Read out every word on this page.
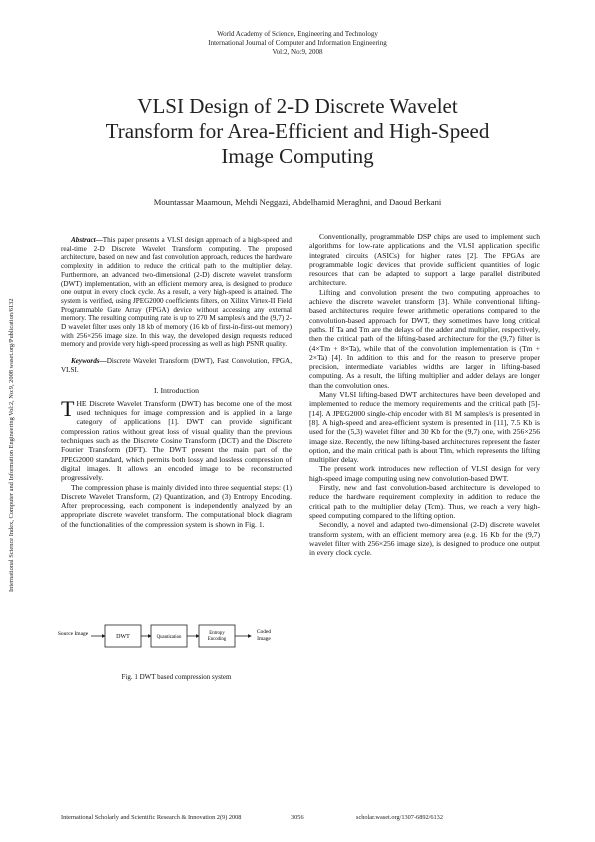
World Academy of Science, Engineering and Technology
International Journal of Computer and Information Engineering
Vol:2, No:9, 2008
VLSI Design of 2-D Discrete Wavelet
Transform for Area-Efficient and High-Speed
Image Computing
Mountassar Maamoun, Mehdi Neggazi, Abdelhamid Meraghni, and Daoud Berkani
International Science Index, Computer and Information Engineering Vol:2, No:9, 2008 waset.org/Publication/6132

Abstract—This paper presents a VLSI design approach of a high-speed and real-time 2-D Discrete Wavelet Transform computing. The proposed architecture, based on new and fast convolution approach, reduces the hardware complexity in addition to reduce the critical path to the multiplier delay. Furthermore, an advanced two-dimensional (2-D) discrete wavelet transform (DWT) implementation, with an efficient memory area, is designed to produce one output in every clock cycle. As a result, a very high-speed is attained. The system is verified, using JPEG2000 coefficients filters, on Xilinx Virtex-II Field Programmable Gate Array (FPGA) device without accessing any external memory. The resulting computing rate is up to 270 M samples/s and the (9,7) 2-D wavelet filter uses only 18 kb of memory (16 kb of first-in-first-out memory) with 256×256 image size. In this way, the developed design requests reduced memory and provide very high-speed processing as well as high PSNR quality.

Keywords—Discrete Wavelet Transform (DWT), Fast Convolution, FPGA, VLSI.

I. Introduction

THE Discrete Wavelet Transform (DWT) has become one of the most used techniques for image compression and is applied in a large category of applications [1]. DWT can provide significant compression ratios without great loss of visual quality than the previous techniques such as the Discrete Cosine Transform (DCT) and the Discrete Fourier Transform (DFT). The DWT present the main part of the JPEG2000 standard, which permits both lossy and lossless compression of digital images. It allows an encoded image to be reconstructed progressively.

The compression phase is mainly divided into three sequential steps: (1) Discrete Wavelet Transform, (2) Quantization, and (3) Entropy Encoding. After preprocessing, each component is independently analyzed by an appropriate discrete wavelet transform. The computational block diagram of the functionalities of the compression system is shown in Fig. 1.

Source Image	DWT	Quantization
Entropy Encoding
Coded Image
Fig. 1 DWT based compression system

Conventionally, programmable DSP chips are used to implement such algorithms for low-rate applications and the VLSI application specific integrated circuits (ASICs) for higher rates [2]. The FPGAs are programmable logic devices that provide sufficient quantities of logic resources that can be adapted to support a large parallel distributed architecture.

Lifting and convolution present the two computing approaches to achieve the discrete wavelet transform [3]. While conventional lifting-based architectures require fewer arithmetic operations compared to the convolution-based approach for DWT, they sometimes have long critical paths. If Ta and Tm are the delays of the adder and multiplier, respectively, then the critical path of the lifting-based architecture for the (9,7) filter is (4×Tm + 8×Ta), while that of the convolution implementation is (Tm + 2×Ta) [4]. In addition to this and for the reason to preserve proper precision, intermediate variables widths are larger in lifting-based computing. As a result, the lifting multiplier and adder delays are longer than the convolution ones.

Many VLSI lifting-based DWT architectures have been developed and implemented to reduce the memory requirements and the critical path [5]-[14]. A JPEG2000 single-chip encoder with 81 M samples/s is presented in [8]. A high-speed and area-efficient system is presented in [11], 7.5 Kb is used for the (5,3) wavelet filter and 30 Kb for the (9,7) one, with 256×256 image size. Recently, the new lifting-based architectures represent the faster option, and the main critical path is about Tlm, which represents the lifting multiplier delay.

The present work introduces new reflection of VLSI design for very high-speed image computing using new convolution-based DWT.

Firstly, new and fast convolution-based architecture is developed to reduce the hardware requirement complexity in addition to reduce the critical path to the multiplier delay (Tcm). Thus, we reach a very high-speed computing compared to the lifting option.

Secondly, a novel and adapted two-dimensional (2-D) discrete wavelet transform system, with an efficient memory area (e.g. 16 Kb for the (9,7) wavelet filter with 256×256 image size), is designed to produce one output in every clock cycle.

International Scholarly and Scientific Research & Innovation 2(9) 2008	3056	scholar.waset.org/1307-6892/6132
